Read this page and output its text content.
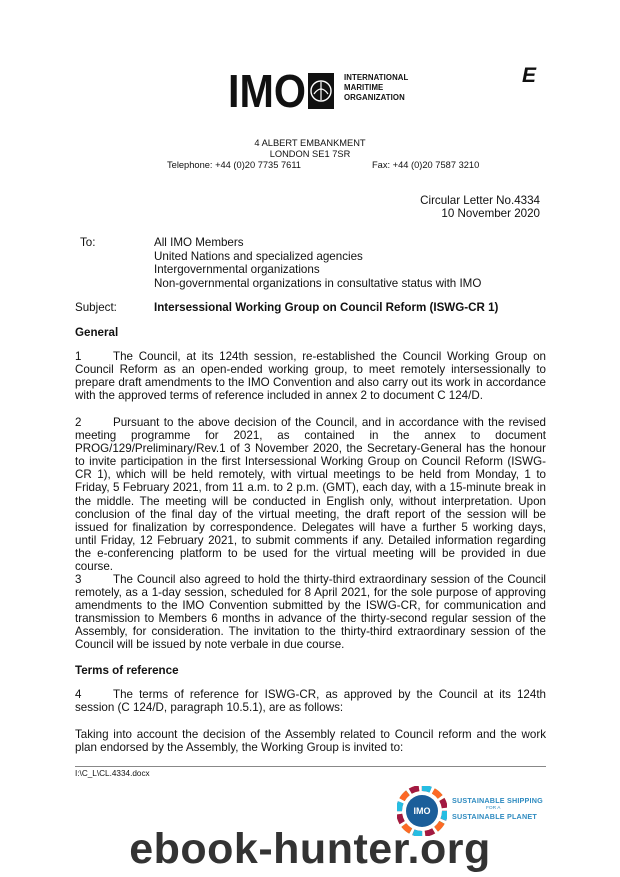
E
IMO	INTERNATIONAL
MARITIME
ORGANIZATION
4 ALBERT EMBANKMENT
LONDON SE1 7SR
Telephone: +44 (0)20 7735 7611	Fax: +44 (0)20 7587 3210
Circular Letter No.4334
10 November 2020
To:	All IMO Members
United Nations and specialized agencies
Intergovernmental organizations
Non-governmental organizations in consultative status with IMO
Subject:	Intersessional Working Group on Council Reform (ISWG-CR 1)
General
1	The Council, at its 124th session, re-established the Council Working Group on Council Reform as an open-ended working group, to meet remotely intersessionally to prepare draft amendments to the IMO Convention and also carry out its work in accordance with the approved terms of reference included in annex 2 to document C 124/D.
2	Pursuant to the above decision of the Council, and in accordance with the revised meeting programme for 2021, as contained in the annex to document PROG/129/Preliminary/Rev.1 of 3 November 2020, the Secretary-General has the honour to invite participation in the first Intersessional Working Group on Council Reform (ISWG-CR 1), which will be held remotely, with virtual meetings to be held from Monday, 1 to Friday, 5 February 2021, from 11 a.m. to 2 p.m. (GMT), each day, with a 15-minute break in the middle. The meeting will be conducted in English only, without interpretation. Upon conclusion of the final day of the virtual meeting, the draft report of the session will be issued for finalization by correspondence. Delegates will have a further 5 working days, until Friday, 12 February 2021, to submit comments if any. Detailed information regarding the e-conferencing platform to be used for the virtual meeting will be provided in due course.
3	The Council also agreed to hold the thirty-third extraordinary session of the Council remotely, as a 1-day session, scheduled for 8 April 2021, for the sole purpose of approving amendments to the IMO Convention submitted by the ISWG-CR, for communication and transmission to Members 6 months in advance of the thirty-second regular session of the Assembly, for consideration. The invitation to the thirty-third extraordinary session of the Council will be issued by note verbale in due course.
Terms of reference
4	The terms of reference for ISWG-CR, as approved by the Council at its 124th session (C 124/D, paragraph 10.5.1), are as follows:
Taking into account the decision of the Assembly related to Council reform and the work plan endorsed by the Assembly, the Working Group is invited to:
I:\C_L\CL.4334.docx
IMO
SUSTAINABLE SHIPPING
FOR A
SUSTAINABLE PLANET
ebook-hunter.org
